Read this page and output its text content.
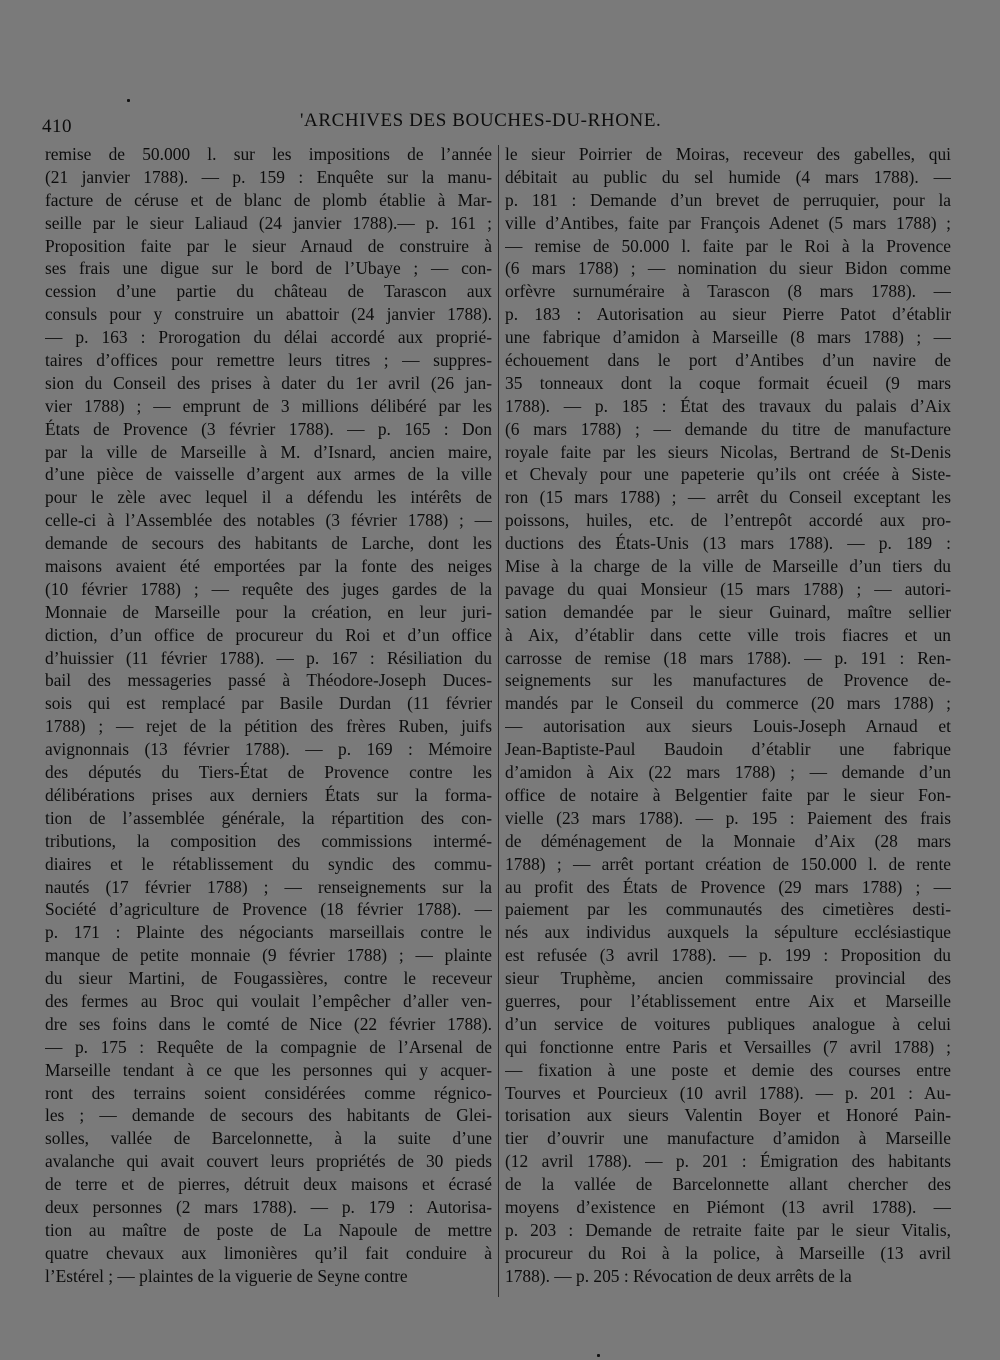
410	'ARCHIVES DES BOUCHES-DU-RHONE.
remise de 50.000 l. sur les impositions de l’année
(21 janvier 1788). — p. 159 : Enquête sur la manu-
facture de céruse et de blanc de plomb établie à Mar-
seille par le sieur Laliaud (24 janvier 1788).— p. 161 ;
Proposition faite par le sieur Arnaud de construire à
ses frais une digue sur le bord de l’Ubaye ; — con-
cession d’une partie du château de Tarascon aux
consuls pour y construire un abattoir (24 janvier 1788).
— p. 163 : Prorogation du délai accordé aux proprié-
taires d’offices pour remettre leurs titres ; — suppres-
sion du Conseil des prises à dater du 1er avril (26 jan-
vier 1788) ; — emprunt de 3 millions délibéré par les
États de Provence (3 février 1788). — p. 165 : Don
par la ville de Marseille à M. d’Isnard, ancien maire,
d’une pièce de vaisselle d’argent aux armes de la ville
pour le zèle avec lequel il a défendu les intérêts de
celle-ci à l’Assemblée des notables (3 février 1788) ; —
demande de secours des habitants de Larche, dont les
maisons avaient été emportées par la fonte des neiges
(10 février 1788) ; — requête des juges gardes de la
Monnaie de Marseille pour la création, en leur juri-
diction, d’un office de procureur du Roi et d’un office
d’huissier (11 février 1788). — p. 167 : Résiliation du
bail des messageries passé à Théodore-Joseph Duces-
sois qui est remplacé par Basile Durdan (11 février
1788) ; — rejet de la pétition des frères Ruben, juifs
avignonnais (13 février 1788). — p. 169 : Mémoire
des députés du Tiers-État de Provence contre les
délibérations prises aux derniers États sur la forma-
tion de l’assemblée générale, la répartition des con-
tributions, la composition des commissions intermé-
diaires et le rétablissement du syndic des commu-
nautés (17 février 1788) ; — renseignements sur la
Société d’agriculture de Provence (18 février 1788). —
p. 171 : Plainte des négociants marseillais contre le
manque de petite monnaie (9 février 1788) ; — plainte
du sieur Martini, de Fougassières, contre le receveur
des fermes au Broc qui voulait l’empêcher d’aller ven-
dre ses foins dans le comté de Nice (22 février 1788).
— p. 175 : Requête de la compagnie de l’Arsenal de
Marseille tendant à ce que les personnes qui y acquer-
ront des terrains soient considérées comme régnico-
les ; — demande de secours des habitants de Glei-
solles, vallée de Barcelonnette, à la suite d’une
avalanche qui avait couvert leurs propriétés de 30 pieds
de terre et de pierres, détruit deux maisons et écrasé
deux personnes (2 mars 1788). — p. 179 : Autorisa-
tion au maître de poste de La Napoule de mettre
quatre chevaux aux limonières qu’il fait conduire à
l’Estérel ; — plaintes de la viguerie de Seyne contre
le sieur Poirrier de Moiras, receveur des gabelles, qui
débitait au public du sel humide (4 mars 1788). —
p. 181 : Demande d’un brevet de perruquier, pour la
ville d’Antibes, faite par François Adenet (5 mars 1788) ;
— remise de 50.000 l. faite par le Roi à la Provence
(6 mars 1788) ; — nomination du sieur Bidon comme
orfèvre surnuméraire à Tarascon (8 mars 1788). —
p. 183 : Autorisation au sieur Pierre Patot d’établir
une fabrique d’amidon à Marseille (8 mars 1788) ; —
échouement dans le port d’Antibes d’un navire de
35 tonneaux dont la coque formait écueil (9 mars
1788). — p. 185 : État des travaux du palais d’Aix
(6 mars 1788) ; — demande du titre de manufacture
royale faite par les sieurs Nicolas, Bertrand de St-Denis
et Chevaly pour une papeterie qu’ils ont créée à Siste-
ron (15 mars 1788) ; — arrêt du Conseil exceptant les
poissons, huiles, etc. de l’entrepôt accordé aux pro-
ductions des États-Unis (13 mars 1788). — p. 189 :
Mise à la charge de la ville de Marseille d’un tiers du
pavage du quai Monsieur (15 mars 1788) ; — autori-
sation demandée par le sieur Guinard, maître sellier
à Aix, d’établir dans cette ville trois fiacres et un
carrosse de remise (18 mars 1788). — p. 191 : Ren-
seignements sur les manufactures de Provence de-
mandés par le Conseil du commerce (20 mars 1788) ;
— autorisation aux sieurs Louis-Joseph Arnaud et
Jean-Baptiste-Paul Baudoin d’établir une fabrique
d’amidon à Aix (22 mars 1788) ; — demande d’un
office de notaire à Belgentier faite par le sieur Fon-
vielle (23 mars 1788). — p. 195 : Paiement des frais
de déménagement de la Monnaie d’Aix (28 mars
1788) ; — arrêt portant création de 150.000 l. de rente
au profit des États de Provence (29 mars 1788) ; —
paiement par les communautés des cimetières desti-
nés aux individus auxquels la sépulture ecclésiastique
est refusée (3 avril 1788). — p. 199 : Proposition du
sieur Truphème, ancien commissaire provincial des
guerres, pour l’établissement entre Aix et Marseille
d’un service de voitures publiques analogue à celui
qui fonctionne entre Paris et Versailles (7 avril 1788) ;
— fixation à une poste et demie des courses entre
Tourves et Pourcieux (10 avril 1788). — p. 201 : Au-
torisation aux sieurs Valentin Boyer et Honoré Pain-
tier d’ouvrir une manufacture d’amidon à Marseille
(12 avril 1788). — p. 201 : Émigration des habitants
de la vallée de Barcelonnette allant chercher des
moyens d’existence en Piémont (13 avril 1788). —
p. 203 : Demande de retraite faite par le sieur Vitalis,
procureur du Roi à la police, à Marseille (13 avril
1788). — p. 205 : Révocation de deux arrêts de la
